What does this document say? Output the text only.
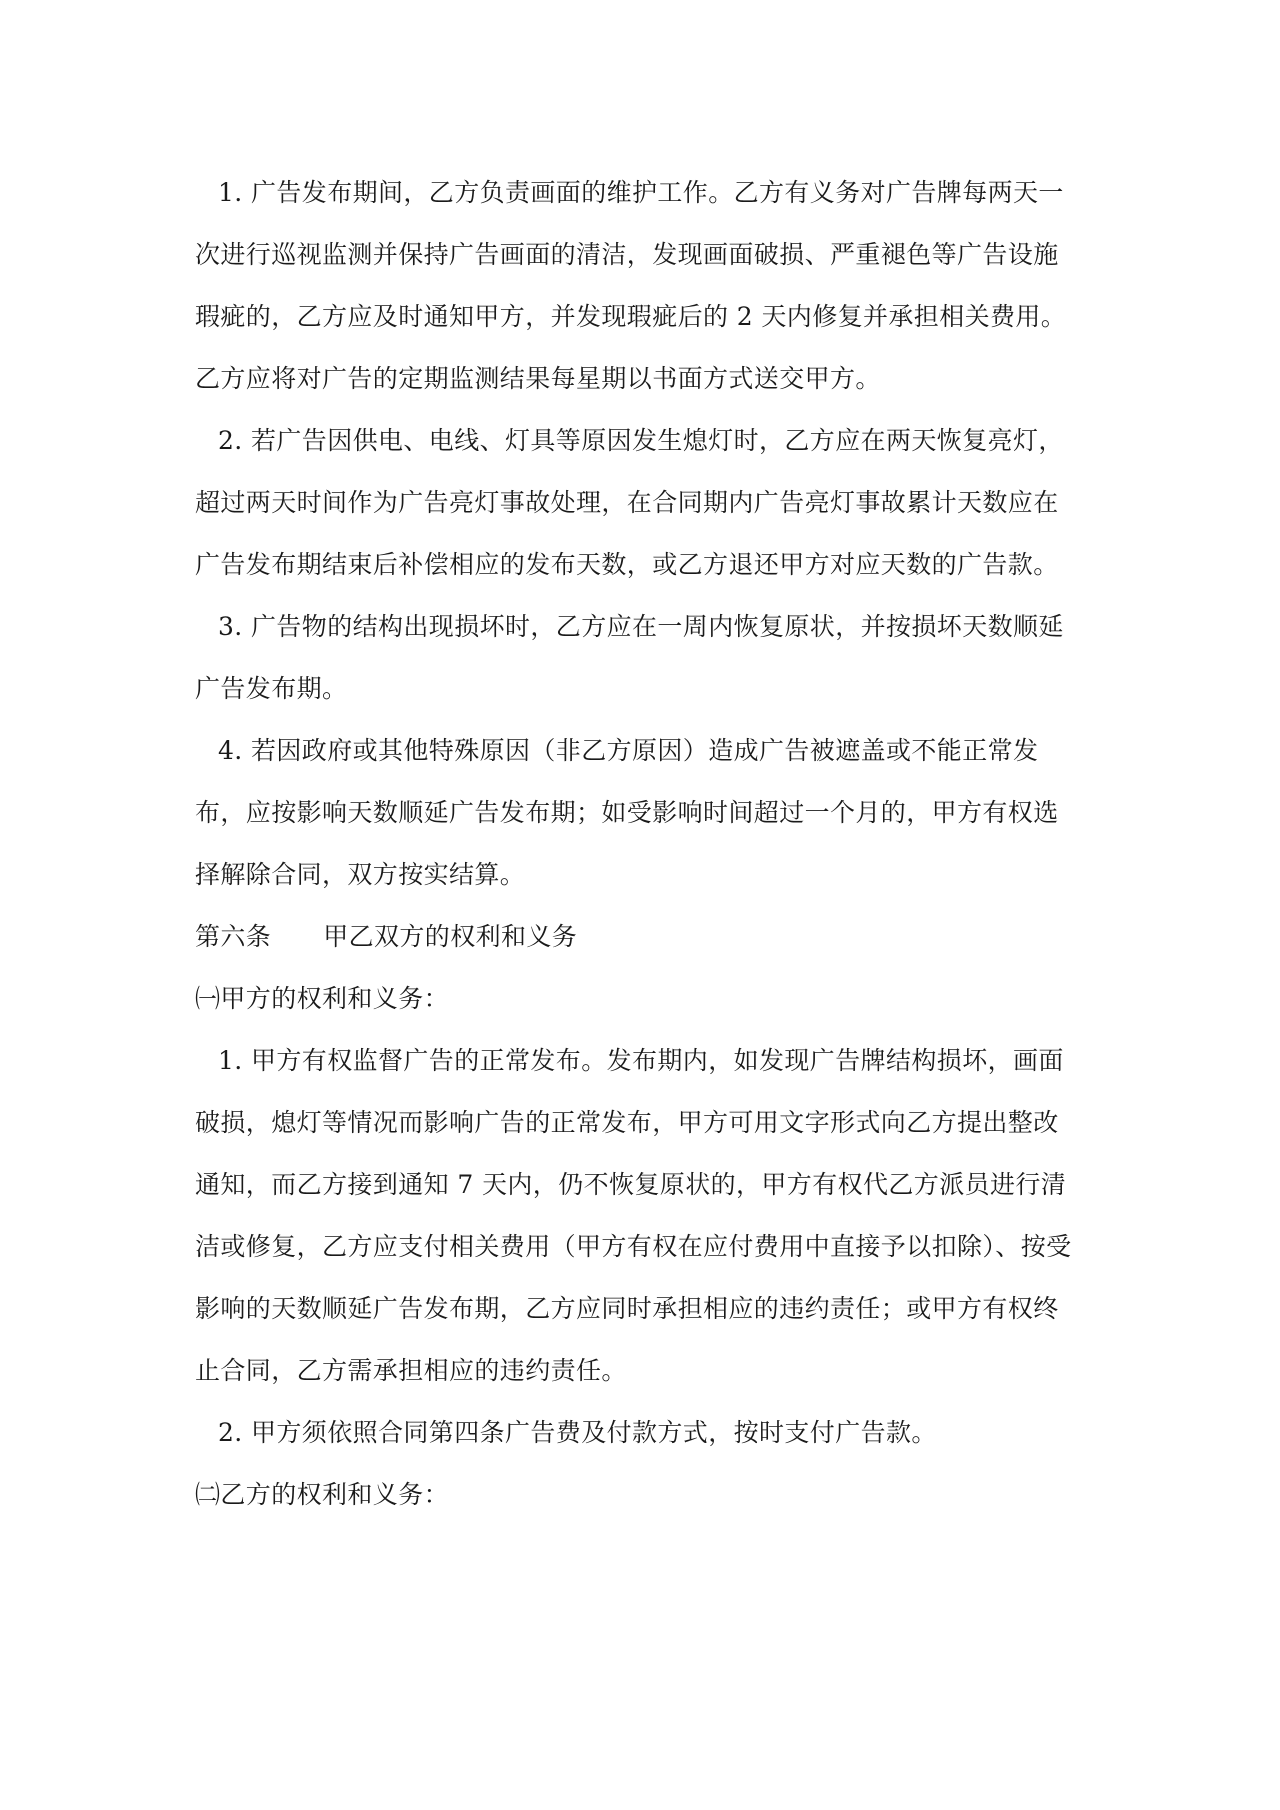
1. 广告发布期间，乙方负责画面的维护工作。乙方有义务对广告牌每两天一
次进行巡视监测并保持广告画面的清洁，发现画面破损、严重褪色等广告设施
瑕疵的，乙方应及时通知甲方，并发现瑕疵后的 2 天内修复并承担相关费用。
乙方应将对广告的定期监测结果每星期以书面方式送交甲方。
2. 若广告因供电、电线、灯具等原因发生熄灯时，乙方应在两天恢复亮灯，
超过两天时间作为广告亮灯事故处理，在合同期内广告亮灯事故累计天数应在
广告发布期结束后补偿相应的发布天数，或乙方退还甲方对应天数的广告款。
3. 广告物的结构出现损坏时，乙方应在一周内恢复原状，并按损坏天数顺延
广告发布期。
4. 若因政府或其他特殊原因（非乙方原因）造成广告被遮盖或不能正常发
布，应按影响天数顺延广告发布期；如受影响时间超过一个月的，甲方有权选
择解除合同，双方按实结算。
第六条 甲乙双方的权利和义务
㈠甲方的权利和义务：
1. 甲方有权监督广告的正常发布。发布期内，如发现广告牌结构损坏，画面
破损，熄灯等情况而影响广告的正常发布，甲方可用文字形式向乙方提出整改
通知，而乙方接到通知 7 天内，仍不恢复原状的，甲方有权代乙方派员进行清
洁或修复，乙方应支付相关费用（甲方有权在应付费用中直接予以扣除）、按受
影响的天数顺延广告发布期，乙方应同时承担相应的违约责任；或甲方有权终
止合同，乙方需承担相应的违约责任。
2. 甲方须依照合同第四条广告费及付款方式，按时支付广告款。
㈡乙方的权利和义务：
